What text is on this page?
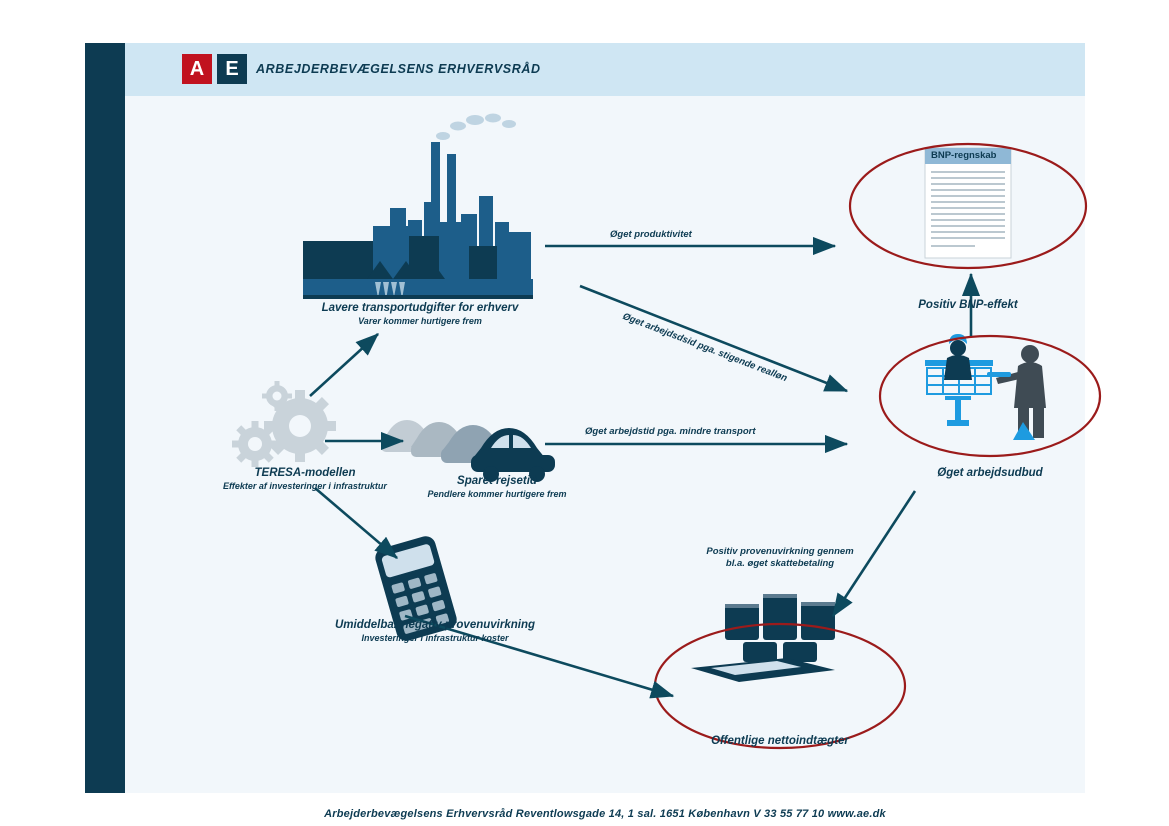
A	E	ARBEJDERBEVÆGELSENS ERHVERVSRÅD
TERESA-modellen
Effekter af investeringer i infrastruktur
Lavere transportudgifter for erhverv
Varer kommer hurtigere frem
Sparet rejsetid
Pendlere kommer hurtigere frem
Umiddelbar negativ provenuvirkning
Investeringer i infrastruktur koster
BNP-regnskab
Positiv BNP-effekt
Øget arbejdsudbud
Offentlige nettoindtægter
Øget produktivitet
Øget arbejdsdsid pga. stigende realløn
Øget arbejdstid pga. mindre transport
Positiv provenuvirkning gennem bl.a. øget skattebetaling
Arbejderbevægelsens Erhvervsråd Reventlowsgade 14, 1 sal. 1651 København V 33 55 77 10 www.ae.dk
